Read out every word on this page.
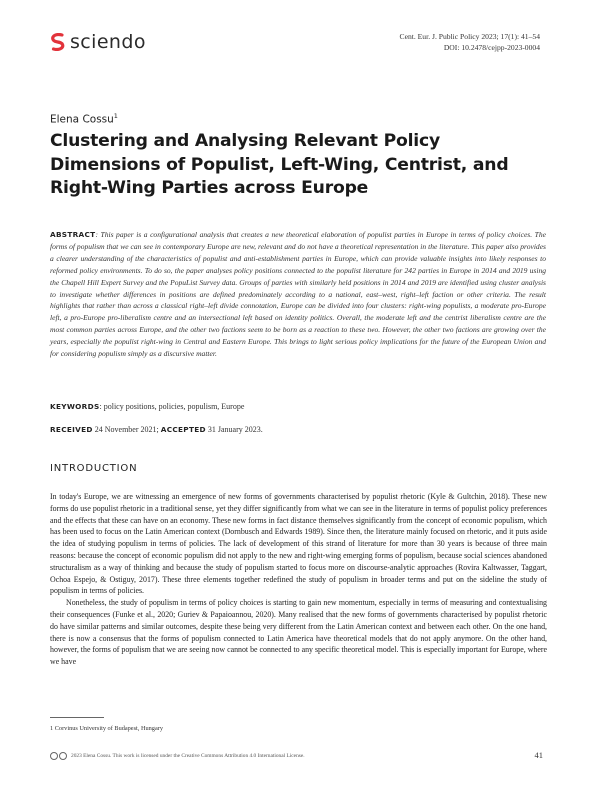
sciendo	Cent. Eur. J. Public Policy 2023; 17(1): 41–54
DOI: 10.2478/cejpp-2023-0004
Elena Cossu$^1$
Clustering and Analysing Relevant Policy Dimensions of Populist, Left-Wing, Centrist, and Right-Wing Parties across Europe
ABSTRACT: This paper is a configurational analysis that creates a new theoretical elaboration of populist parties in Europe in terms of policy choices. The forms of populism that we can see in contemporary Europe are new, relevant and do not have a theoretical representation in the literature. This paper also provides a clearer understanding of the characteristics of populist and anti-establishment parties in Europe, which can provide valuable insights into likely responses to reformed policy environments. To do so, the paper analyses policy positions connected to the populist literature for 242 parties in Europe in 2014 and 2019 using the Chapell Hill Expert Survey and the PopuList Survey data. Groups of parties with similarly held positions in 2014 and 2019 are identified using cluster analysis to investigate whether differences in positions are defined predominately according to a national, east–west, right–left faction or other criteria. The result highlights that rather than across a classical right–left divide connotation, Europe can be divided into four clusters: right-wing populists, a moderate pro-Europe left, a pro-Europe pro-liberalism centre and an intersectional left based on identity politics. Overall, the moderate left and the centrist liberalism centre are the most common parties across Europe, and the other two factions seem to be born as a reaction to these two. However, the other two factions are growing over the years, especially the populist right-wing in Central and Eastern Europe. This brings to light serious policy implications for the future of the European Union and for considering populism simply as a discursive matter.
KEYWORDS: policy positions, policies, populism, Europe
RECEIVED 24 November 2021; ACCEPTED 31 January 2023.
INTRODUCTION

In today's Europe, we are witnessing an emergence of new forms of governments characterised by populist rhetoric (Kyle & Gultchin, 2018). These new forms do use populist rhetoric in a traditional sense, yet they differ significantly from what we can see in the literature in terms of populist policy preferences and the effects that these can have on an economy. These new forms in fact distance themselves significantly from the concept of economic populism, which has been used to focus on the Latin American context (Dornbusch and Edwards 1989). Since then, the literature mainly focused on rhetoric, and it puts aside the idea of studying populism in terms of policies. The lack of development of this strand of literature for more than 30 years is because of three main reasons: because the concept of economic populism did not apply to the new and right-wing emerging forms of populism, because social sciences abandoned structuralism as a way of thinking and because the study of populism started to focus more on discourse-analytic approaches (Rovira Kaltwasser, Taggart, Ochoa Espejo, & Ostiguy, 2017). These three elements together redefined the study of populism in broader terms and put on the sideline the study of populism in terms of policies.

Nonetheless, the study of populism in terms of policy choices is starting to gain new momentum, especially in terms of measuring and contextualising their consequences (Funke et al., 2020; Guriev & Papaioannou, 2020). Many realised that the new forms of governments characterised by populist rhetoric do have similar patterns and similar outcomes, despite these being very different from the Latin American context and between each other. On the one hand, there is now a consensus that the forms of populism connected to Latin America have theoretical models that do not apply anymore. On the other hand, however, the forms of populism that we are seeing now cannot be connected to any specific theoretical model. This is especially important for Europe, where we have

1 Corvinus University of Budapest, Hungary
2023 Elena Cossu. This work is licensed under the Creative Commons Attribution 4.0 International License.	41
